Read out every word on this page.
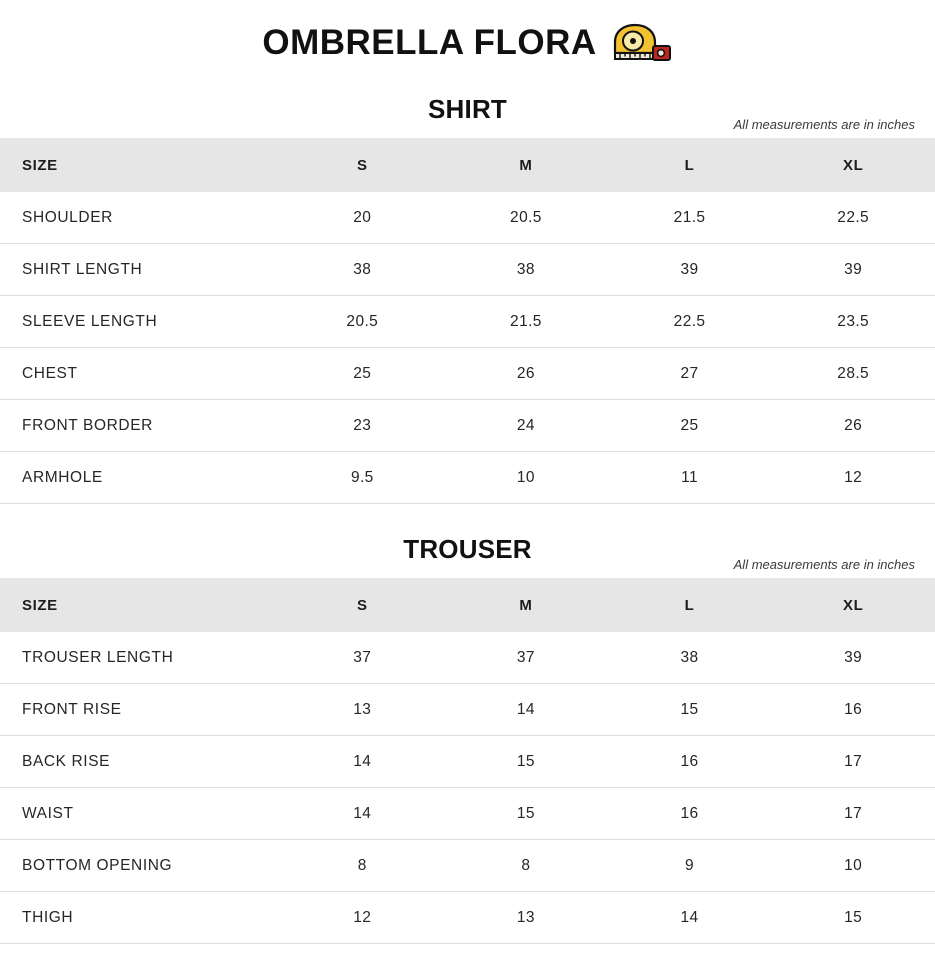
OMBRELLA FLORA
SHIRT
All measurements are in inches
SIZE	S	M	L	XL
SHOULDER	20	20.5	21.5	22.5
SHIRT LENGTH	38	38	39	39
SLEEVE LENGTH	20.5	21.5	22.5	23.5
CHEST	25	26	27	28.5
FRONT BORDER	23	24	25	26
ARMHOLE	9.5	10	11	12
TROUSER
All measurements are in inches
SIZE	S	M	L	XL
TROUSER LENGTH	37	37	38	39
FRONT RISE	13	14	15	16
BACK RISE	14	15	16	17
WAIST	14	15	16	17
BOTTOM OPENING	8	8	9	10
THIGH	12	13	14	15
